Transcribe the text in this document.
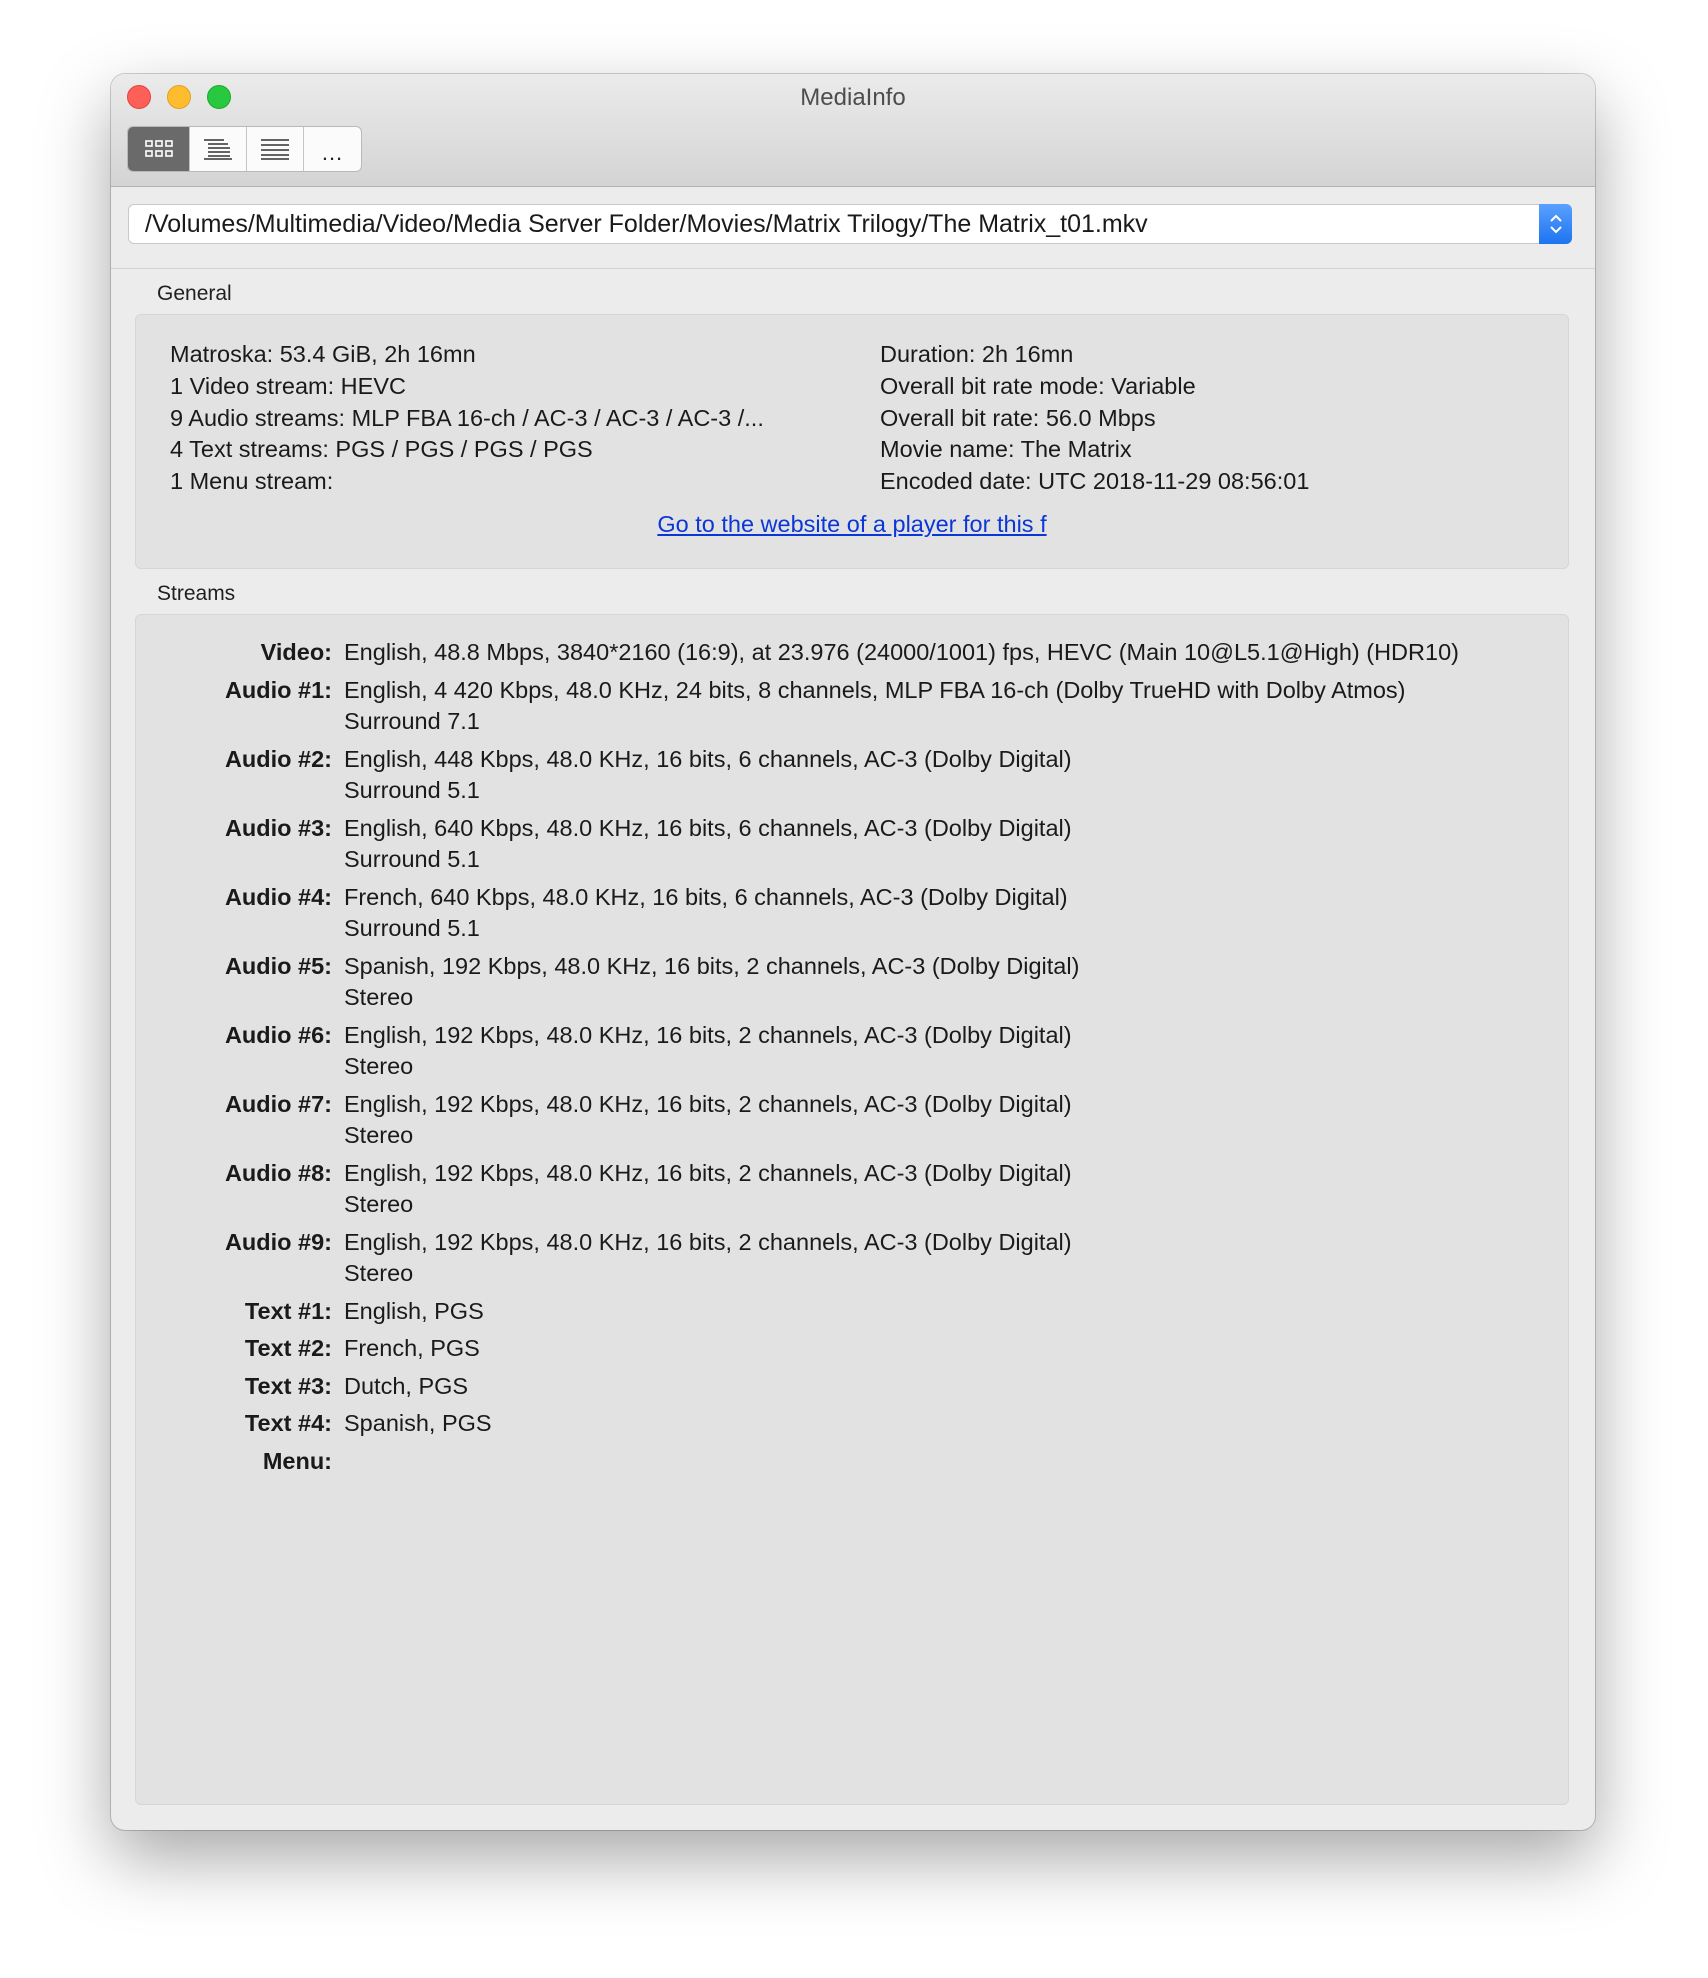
MediaInfo
...
/Volumes/Multimedia/Video/Media Server Folder/Movies/Matrix Trilogy/The Matrix_t01.mkv
General
Matroska: 53.4 GiB, 2h 16mn
1 Video stream: HEVC
9 Audio streams: MLP FBA 16-ch / AC-3 / AC-3 / AC-3 /...
4 Text streams: PGS / PGS / PGS / PGS
1 Menu stream:
Duration: 2h 16mn
Overall bit rate mode: Variable
Overall bit rate: 56.0 Mbps
Movie name: The Matrix
Encoded date: UTC 2018-11-29 08:56:01
Go to the website of a player for this f
Streams
Video: English, 48.8 Mbps, 3840*2160 (16:9), at 23.976 (24000/1001) fps, HEVC (Main 10@L5.1@High) (HDR10)
Audio #1: English, 4 420 Kbps, 48.0 KHz, 24 bits, 8 channels, MLP FBA 16-ch (Dolby TrueHD with Dolby Atmos)
Surround 7.1
Audio #2: English, 448 Kbps, 48.0 KHz, 16 bits, 6 channels, AC-3 (Dolby Digital)
Surround 5.1
Audio #3: English, 640 Kbps, 48.0 KHz, 16 bits, 6 channels, AC-3 (Dolby Digital)
Surround 5.1
Audio #4: French, 640 Kbps, 48.0 KHz, 16 bits, 6 channels, AC-3 (Dolby Digital)
Surround 5.1
Audio #5: Spanish, 192 Kbps, 48.0 KHz, 16 bits, 2 channels, AC-3 (Dolby Digital)
Stereo
Audio #6: English, 192 Kbps, 48.0 KHz, 16 bits, 2 channels, AC-3 (Dolby Digital)
Stereo
Audio #7: English, 192 Kbps, 48.0 KHz, 16 bits, 2 channels, AC-3 (Dolby Digital)
Stereo
Audio #8: English, 192 Kbps, 48.0 KHz, 16 bits, 2 channels, AC-3 (Dolby Digital)
Stereo
Audio #9: English, 192 Kbps, 48.0 KHz, 16 bits, 2 channels, AC-3 (Dolby Digital)
Stereo
Text #1: English, PGS
Text #2: French, PGS
Text #3: Dutch, PGS
Text #4: Spanish, PGS
Menu:
